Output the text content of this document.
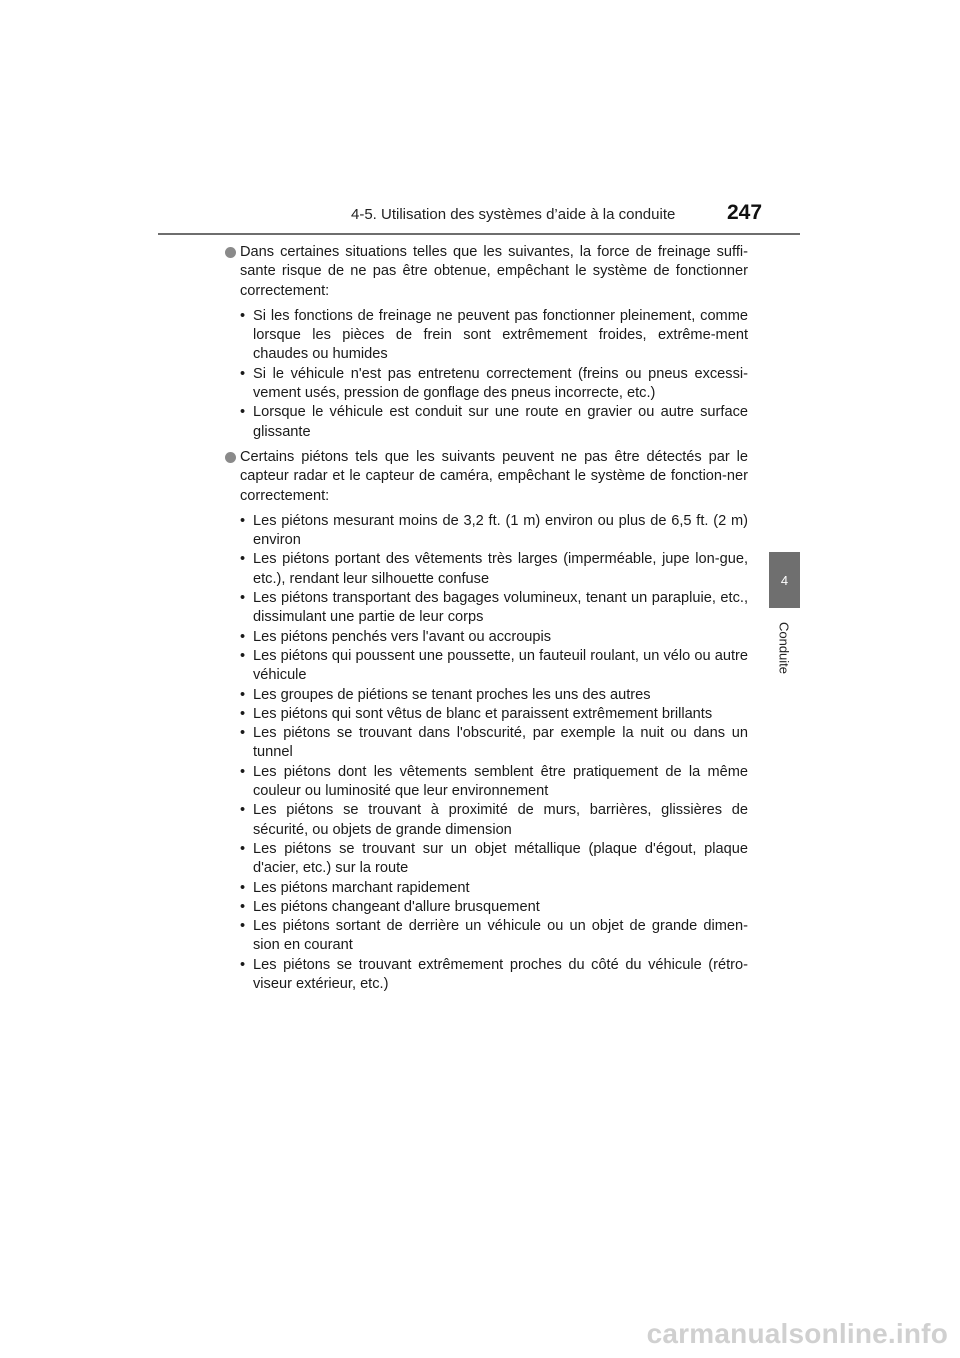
4-5. Utilisation des systèmes d’aide à la conduite 247
4
Conduite

Dans certaines situations telles que les suivantes, la force de freinage suffi-sante risque de ne pas être obtenue, empêchant le système de fonctionner correctement:

• Si les fonctions de freinage ne peuvent pas fonctionner pleinement, comme lorsque les pièces de frein sont extrêmement froides, extrême-ment chaudes ou humides
• Si le véhicule n'est pas entretenu correctement (freins ou pneus excessi-vement usés, pression de gonflage des pneus incorrecte, etc.)
• Lorsque le véhicule est conduit sur une route en gravier ou autre surface glissante

Certains piétons tels que les suivants peuvent ne pas être détectés par le capteur radar et le capteur de caméra, empêchant le système de fonction-ner correctement:

• Les piétons mesurant moins de 3,2 ft. (1 m) environ ou plus de 6,5 ft. (2 m) environ
• Les piétons portant des vêtements très larges (imperméable, jupe lon-gue, etc.), rendant leur silhouette confuse
• Les piétons transportant des bagages volumineux, tenant un parapluie, etc., dissimulant une partie de leur corps
• Les piétons penchés vers l'avant ou accroupis
• Les piétons qui poussent une poussette, un fauteuil roulant, un vélo ou autre véhicule
• Les groupes de piétions se tenant proches les uns des autres
• Les piétons qui sont vêtus de blanc et paraissent extrêmement brillants
• Les piétons se trouvant dans l'obscurité, par exemple la nuit ou dans un tunnel
• Les piétons dont les vêtements semblent être pratiquement de la même couleur ou luminosité que leur environnement
• Les piétons se trouvant à proximité de murs, barrières, glissières de sécurité, ou objets de grande dimension
• Les piétons se trouvant sur un objet métallique (plaque d'égout, plaque d'acier, etc.) sur la route
• Les piétons marchant rapidement
• Les piétons changeant d'allure brusquement
• Les piétons sortant de derrière un véhicule ou un objet de grande dimen-sion en courant
• Les piétons se trouvant extrêmement proches du côté du véhicule (rétro-viseur extérieur, etc.)
carmanualsonline.info
